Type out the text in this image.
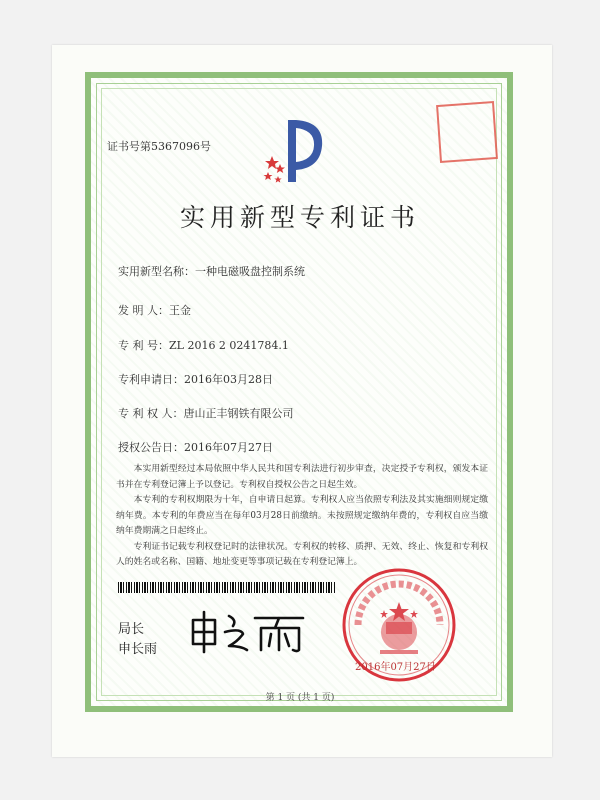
证书号第5367096号
实用新型专利证书
实用新型名称：一种电磁吸盘控制系统
发 明 人：王金
专 利 号：ZL 2016 2 0241784.1
专利申请日：2016年03月28日
专 利 权 人：唐山正丰钢铁有限公司
授权公告日：2016年07月27日

本实用新型经过本局依照中华人民共和国专利法进行初步审查，决定授予专利权，颁发本证书并在专利登记簿上予以登记。专利权自授权公告之日起生效。

本专利的专利权期限为十年，自申请日起算。专利权人应当依照专利法及其实施细则规定缴纳年费。本专利的年费应当在每年03月28日前缴纳。未按照规定缴纳年费的，专利权自应当缴纳年费期满之日起终止。

专利证书记载专利权登记时的法律状况。专利权的转移、质押、无效、终止、恢复和专利权人的姓名或名称、国籍、地址变更等事项记载在专利登记簿上。

局长
申长雨
2016年07月27日
第 1 页 (共 1 页)
